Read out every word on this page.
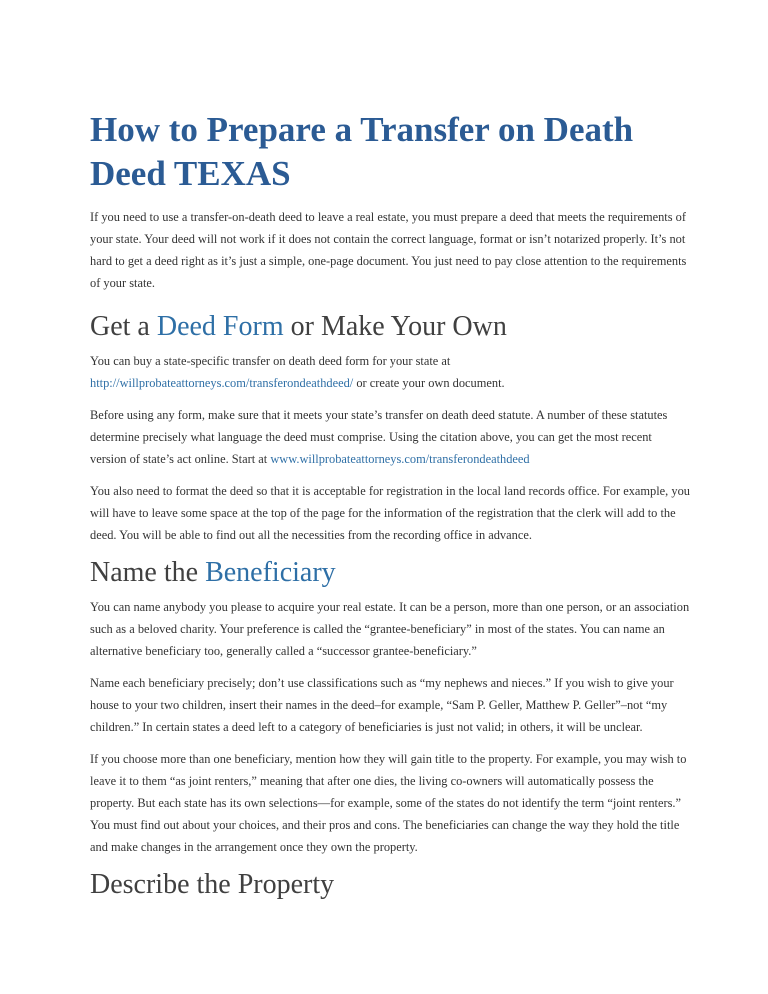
How to Prepare a Transfer on Death Deed TEXAS

If you need to use a transfer-on-death deed to leave a real estate, you must prepare a deed that meets the requirements of your state. Your deed will not work if it does not contain the correct language, format or isn’t notarized properly. It’s not hard to get a deed right as it’s just a simple, one-page document. You just need to pay close attention to the requirements of your state.

Get a Deed Form or Make Your Own

You can buy a state-specific transfer on death deed form for your state at http://willprobateattorneys.com/transferondeathdeed/ or create your own document.

Before using any form, make sure that it meets your state’s transfer on death deed statute. A number of these statutes determine precisely what language the deed must comprise. Using the citation above, you can get the most recent version of state’s act online. Start at www.willprobateattorneys.com/transferondeathdeed

You also need to format the deed so that it is acceptable for registration in the local land records office. For example, you will have to leave some space at the top of the page for the information of the registration that the clerk will add to the deed. You will be able to find out all the necessities from the recording office in advance.

Name the Beneficiary

You can name anybody you please to acquire your real estate. It can be a person, more than one person, or an association such as a beloved charity. Your preference is called the “grantee-beneficiary” in most of the states. You can name an alternative beneficiary too, generally called a “successor grantee-beneficiary.”

Name each beneficiary precisely; don’t use classifications such as “my nephews and nieces.” If you wish to give your house to your two children, insert their names in the deed–for example, “Sam P. Geller, Matthew P. Geller”–not “my children.” In certain states a deed left to a category of beneficiaries is just not valid; in others, it will be unclear.

If you choose more than one beneficiary, mention how they will gain title to the property. For example, you may wish to leave it to them “as joint renters,” meaning that after one dies, the living co-owners will automatically possess the property. But each state has its own selections—for example, some of the states do not identify the term “joint renters.” You must find out about your choices, and their pros and cons. The beneficiaries can change the way they hold the title and make changes in the arrangement once they own the property.

Describe the Property
